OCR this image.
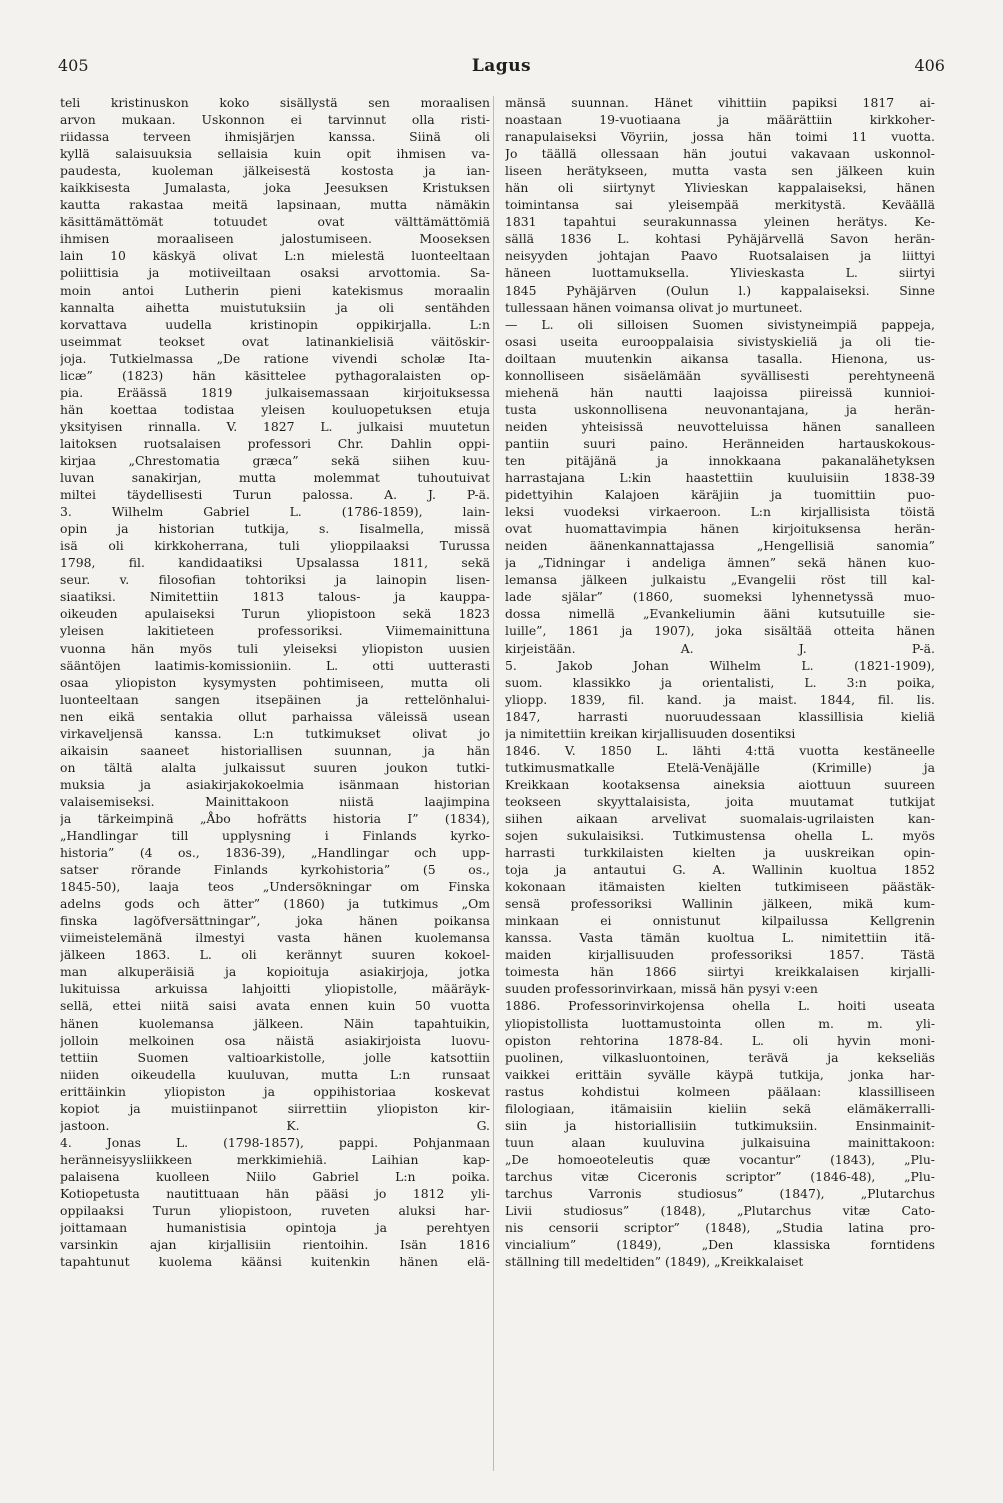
405	Lagus	406
teli kristinuskon koko sisällystä sen moraalisen
arvon mukaan. Uskonnon ei tarvinnut olla risti-
riidassa terveen ihmisjärjen kanssa. Siinä oli
kyllä salaisuuksia sellaisia kuin opit ihmisen va-
paudesta, kuoleman jälkeisestä kostosta ja ian-
kaikkisesta Jumalasta, joka Jeesuksen Kristuksen
kautta rakastaa meitä lapsinaan, mutta nämäkin
käsittämättömät totuudet ovat välttämättömiä
ihmisen moraaliseen jalostumiseen. Mooseksen
lain 10 käskyä olivat L:n mielestä luonteeltaan
poliittisia ja motiiveiltaan osaksi arvottomia. Sa-
moin antoi Lutherin pieni katekismus moraalin
kannalta aihetta muistutuksiin ja oli sentähden
korvattava uudella kristinopin oppikirjalla. L:n
useimmat teokset ovat latinankielisiä väitöskir-
joja. Tutkielmassa „De ratione vivendi scholæ Ita-
licæ” (1823) hän käsittelee pythagoralaisten op-
pia. Eräässä 1819 julkaisemassaan kirjoituksessa
hän koettaa todistaa yleisen kouluopetuksen etuja
yksityisen rinnalla. V. 1827 L. julkaisi muutetun
laitoksen ruotsalaisen professori Chr. Dahlin oppi-
kirjaa „Chrestomatia græca” sekä siihen kuu-
luvan sanakirjan, mutta molemmat tuhoutuivat
miltei täydellisesti Turun palossa. A. J. P-ä.
3. Wilhelm Gabriel L. (1786-1859), lain-
opin ja historian tutkija, s. Iisalmella, missä
isä oli kirkkoherrana, tuli ylioppilaaksi Turussa
1798, fil. kandidaatiksi Upsalassa 1811, sekä
seur. v. filosofian tohtoriksi ja lainopin lisen-
siaatiksi. Nimitettiin 1813 talous- ja kauppa-
oikeuden apulaiseksi Turun yliopistoon sekä 1823
yleisen lakitieteen professoriksi. Viimemainittuna
vuonna hän myös tuli yleiseksi yliopiston uusien
sääntöjen laatimis-komissioniin. L. otti uutterasti
osaa yliopiston kysymysten pohtimiseen, mutta oli
luonteeltaan sangen itsepäinen ja rettelönhalui-
nen eikä sentakia ollut parhaissa väleissä usean
virkaveljensä kanssa. L:n tutkimukset olivat jo
aikaisin saaneet historiallisen suunnan, ja hän
on tältä alalta julkaissut suuren joukon tutki-
muksia ja asiakirjakokoelmia isänmaan historian
valaisemiseksi. Mainittakoon niistä laajimpina
ja tärkeimpinä „Åbo hofrätts historia I” (1834),
„Handlingar till upplysning i Finlands kyrko-
historia” (4 os., 1836-39), „Handlingar och upp-
satser rörande Finlands kyrkohistoria” (5 os.,
1845-50), laaja teos „Undersökningar om Finska
adelns gods och ätter” (1860) ja tutkimus „Om
finska lagöfversättningar”, joka hänen poikansa
viimeistelemänä ilmestyi vasta hänen kuolemansa
jälkeen 1863. L. oli kerännyt suuren kokoel-
man alkuperäisiä ja kopioituja asiakirjoja, jotka
lukituissa arkuissa lahjoitti yliopistolle, määräyk-
sellä, ettei niitä saisi avata ennen kuin 50 vuotta
hänen kuolemansa jälkeen. Näin tapahtuikin,
jolloin melkoinen osa näistä asiakirjoista luovu-
tettiin Suomen valtioarkistolle, jolle katsottiin
niiden oikeudella kuuluvan, mutta L:n runsaat
erittäinkin yliopiston ja oppihistoriaa koskevat
kopiot ja muistiinpanot siirrettiin yliopiston kir-
jastoon. K. G.
4. Jonas L. (1798-1857), pappi. Pohjanmaan
heränneisyysliikkeen merkkimiehiä. Laihian kap-
palaisena kuolleen Niilo Gabriel L:n poika.
Kotiopetusta nautittuaan hän pääsi jo 1812 yli-
oppilaaksi Turun yliopistoon, ruveten aluksi har-
joittamaan humanistisia opintoja ja perehtyen
varsinkin ajan kirjallisiin rientoihin. Isän 1816
tapahtunut kuolema käänsi kuitenkin hänen elä-
mänsä suunnan. Hänet vihittiin papiksi 1817 ai-
noastaan 19-vuotiaana ja määrättiin kirkkoher-
ranapulaiseksi Vöyriin, jossa hän toimi 11 vuotta.
Jo täällä ollessaan hän joutui vakavaan uskonnol-
liseen herätykseen, mutta vasta sen jälkeen kuin
hän oli siirtynyt Ylivieskan kappalaiseksi, hänen
toimintansa sai yleisempää merkitystä. Keväällä
1831 tapahtui seurakunnassa yleinen herätys. Ke-
sällä 1836 L. kohtasi Pyhäjärvellä Savon herän-
neisyyden johtajan Paavo Ruotsalaisen ja liittyi
häneen luottamuksella. Ylivieskasta L. siirtyi
1845 Pyhäjärven (Oulun l.) kappalaiseksi. Sinne
tullessaan hänen voimansa olivat jo murtuneet.
— L. oli silloisen Suomen sivistyneimpiä pappeja,
osasi useita eurooppalaisia sivistyskieliä ja oli tie-
doiltaan muutenkin aikansa tasalla. Hienona, us-
konnolliseen sisäelämään syvällisesti perehtyneenä
miehenä hän nautti laajoissa piireissä kunnioi-
tusta uskonnollisena neuvonantajana, ja herän-
neiden yhteisissä neuvotteluissa hänen sanalleen
pantiin suuri paino. Heränneiden hartauskokous-
ten pitäjänä ja innokkaana pakanalähetyksen
harrastajana L:kin haastettiin kuuluisiin 1838-39
pidettyihin Kalajoen käräjiin ja tuomittiin puo-
leksi vuodeksi virkaeroon. L:n kirjallisista töistä
ovat huomattavimpia hänen kirjoituksensa herän-
neiden äänenkannattajassa „Hengellisiä sanomia”
ja „Tidningar i andeliga ämnen” sekä hänen kuo-
lemansa jälkeen julkaistu „Evangelii röst till kal-
lade själar” (1860, suomeksi lyhennetyssä muo-
dossa nimellä „Evankeliumin ääni kutsutuille sie-
luille”, 1861 ja 1907), joka sisältää otteita hänen
kirjeistään. A. J. P-ä.
5. Jakob Johan Wilhelm L. (1821-1909),
suom. klassikko ja orientalisti, L. 3:n poika,
yliopp. 1839, fil. kand. ja maist. 1844, fil. lis.
1847, harrasti nuoruudessaan klassillisia kieliä
ja nimitettiin kreikan kirjallisuuden dosentiksi
1846. V. 1850 L. lähti 4:ttä vuotta kestäneelle
tutkimusmatkalle Etelä-Venäjälle (Krimille) ja
Kreikkaan kootaksensa aineksia aiottuun suureen
teokseen skyyttalaisista, joita muutamat tutkijat
siihen aikaan arvelivat suomalais-ugrilaisten kan-
sojen sukulaisiksi. Tutkimustensa ohella L. myös
harrasti turkkilaisten kielten ja uuskreikan opin-
toja ja antautui G. A. Wallinin kuoltua 1852
kokonaan itämaisten kielten tutkimiseen päästäk-
sensä professoriksi Wallinin jälkeen, mikä kum-
minkaan ei onnistunut kilpailussa Kellgrenin
kanssa. Vasta tämän kuoltua L. nimitettiin itä-
maiden kirjallisuuden professoriksi 1857. Tästä
toimesta hän 1866 siirtyi kreikkalaisen kirjalli-
suuden professorinvirkaan, missä hän pysyi v:een
1886. Professorinvirkojensa ohella L. hoiti useata
yliopistollista luottamustointa ollen m. m. yli-
opiston rehtorina 1878-84. L. oli hyvin moni-
puolinen, vilkasluontoinen, terävä ja kekseliäs
vaikkei erittäin syvälle käypä tutkija, jonka har-
rastus kohdistui kolmeen päälaan: klassilliseen
filologiaan, itämaisiin kieliin sekä elämäkerralli-
siin ja historiallisiin tutkimuksiin. Ensinmainit-
tuun alaan kuuluvina julkaisuina mainittakoon:
„De homoeoteleutis quæ vocantur” (1843), „Plu-
tarchus vitæ Ciceronis scriptor” (1846-48), „Plu-
tarchus Varronis studiosus” (1847), „Plutarchus
Livii studiosus” (1848), „Plutarchus vitæ Cato-
nis censorii scriptor” (1848), „Studia latina pro-
vincialium” (1849), „Den klassiska forntidens
ställning till medeltiden” (1849), „Kreikkalaiset
